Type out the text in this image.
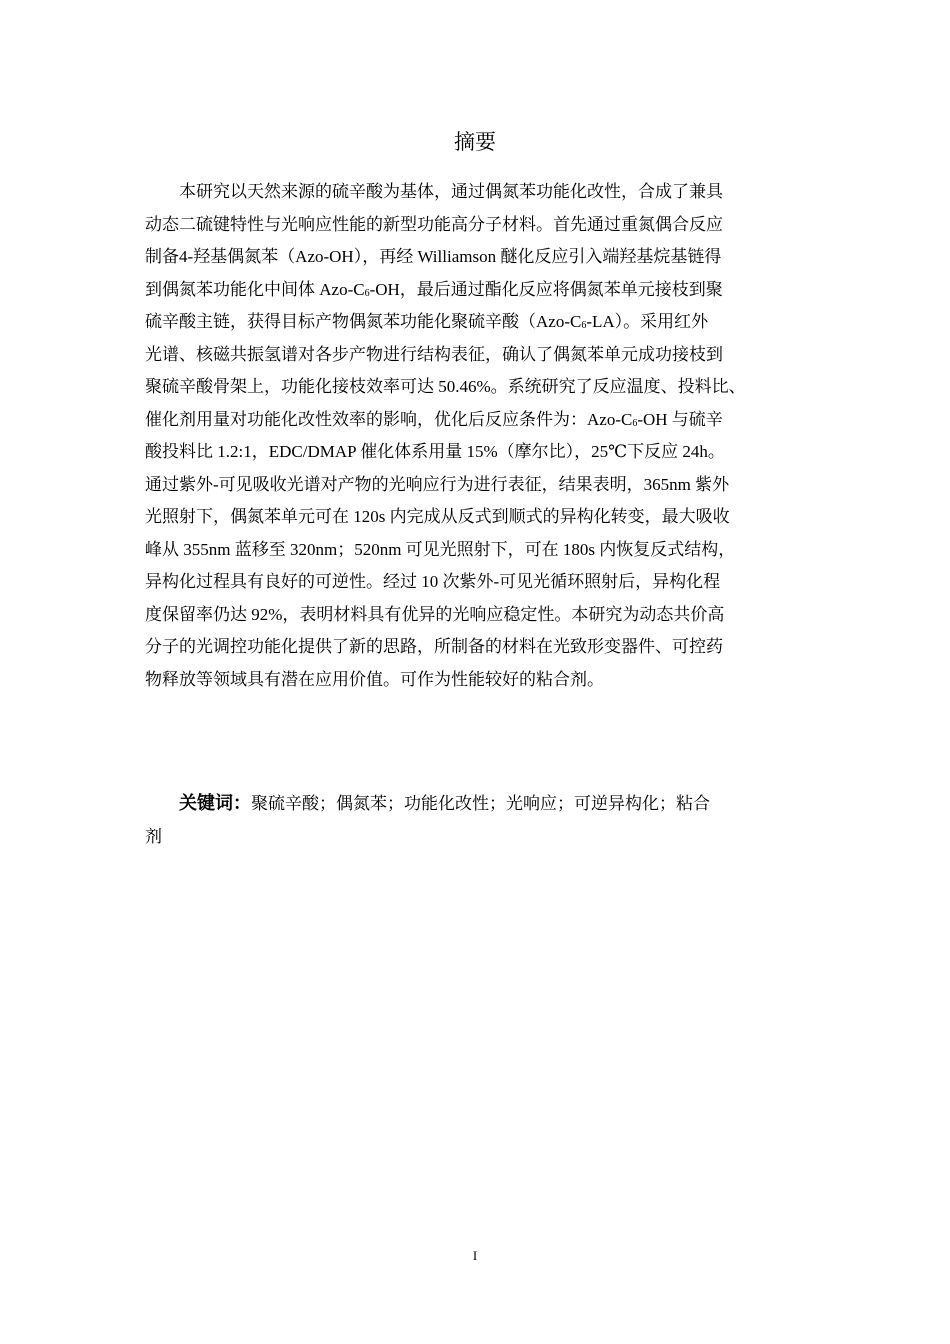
摘要
本研究以天然来源的硫辛酸为基体，通过偶氮苯功能化改性，合成了兼具
动态二硫键特性与光响应性能的新型功能高分子材料。首先通过重氮偶合反应
制备4-羟基偶氮苯（Azo-OH），再经 Williamson 醚化反应引入端羟基烷基链得
到偶氮苯功能化中间体 Azo-$C_6-OH$，最后通过酯化反应将偶氮苯单元接枝到聚
硫辛酸主链，获得目标产物偶氮苯功能化聚硫辛酸$(Azo-C_6-LA)$。采用红外
光谱、核磁共振氢谱对各步产物进行结构表征，确认了偶氮苯单元成功接枝到
聚硫辛酸骨架上，功能化接枝效率可达 50.46%。系统研究了反应温度、投料比、
催化剂用量对功能化改性效率的影响，优化后反应条件为：Azo-$C_6-OH$ 与硫辛
酸投料比 1.2:1，EDC/DMAP 催化体系用量 15%（摩尔比），25℃下反应 24h。
通过紫外-可见吸收光谱对产物的光响应行为进行表征，结果表明，365nm 紫外
光照射下，偶氮苯单元可在 120s 内完成从反式到顺式的异构化转变，最大吸收
峰从 355nm 蓝移至 320nm；520nm 可见光照射下，可在 180s 内恢复反式结构，
异构化过程具有良好的可逆性。经过 10 次紫外-可见光循环照射后，异构化程
度保留率仍达 92%，表明材料具有优异的光响应稳定性。本研究为动态共价高
分子的光调控功能化提供了新的思路，所制备的材料在光致形变器件、可控药
物释放等领域具有潜在应用价值。可作为性能较好的粘合剂。
关键词：聚硫辛酸；偶氮苯；功能化改性；光响应；可逆异构化；粘合
剂
I
